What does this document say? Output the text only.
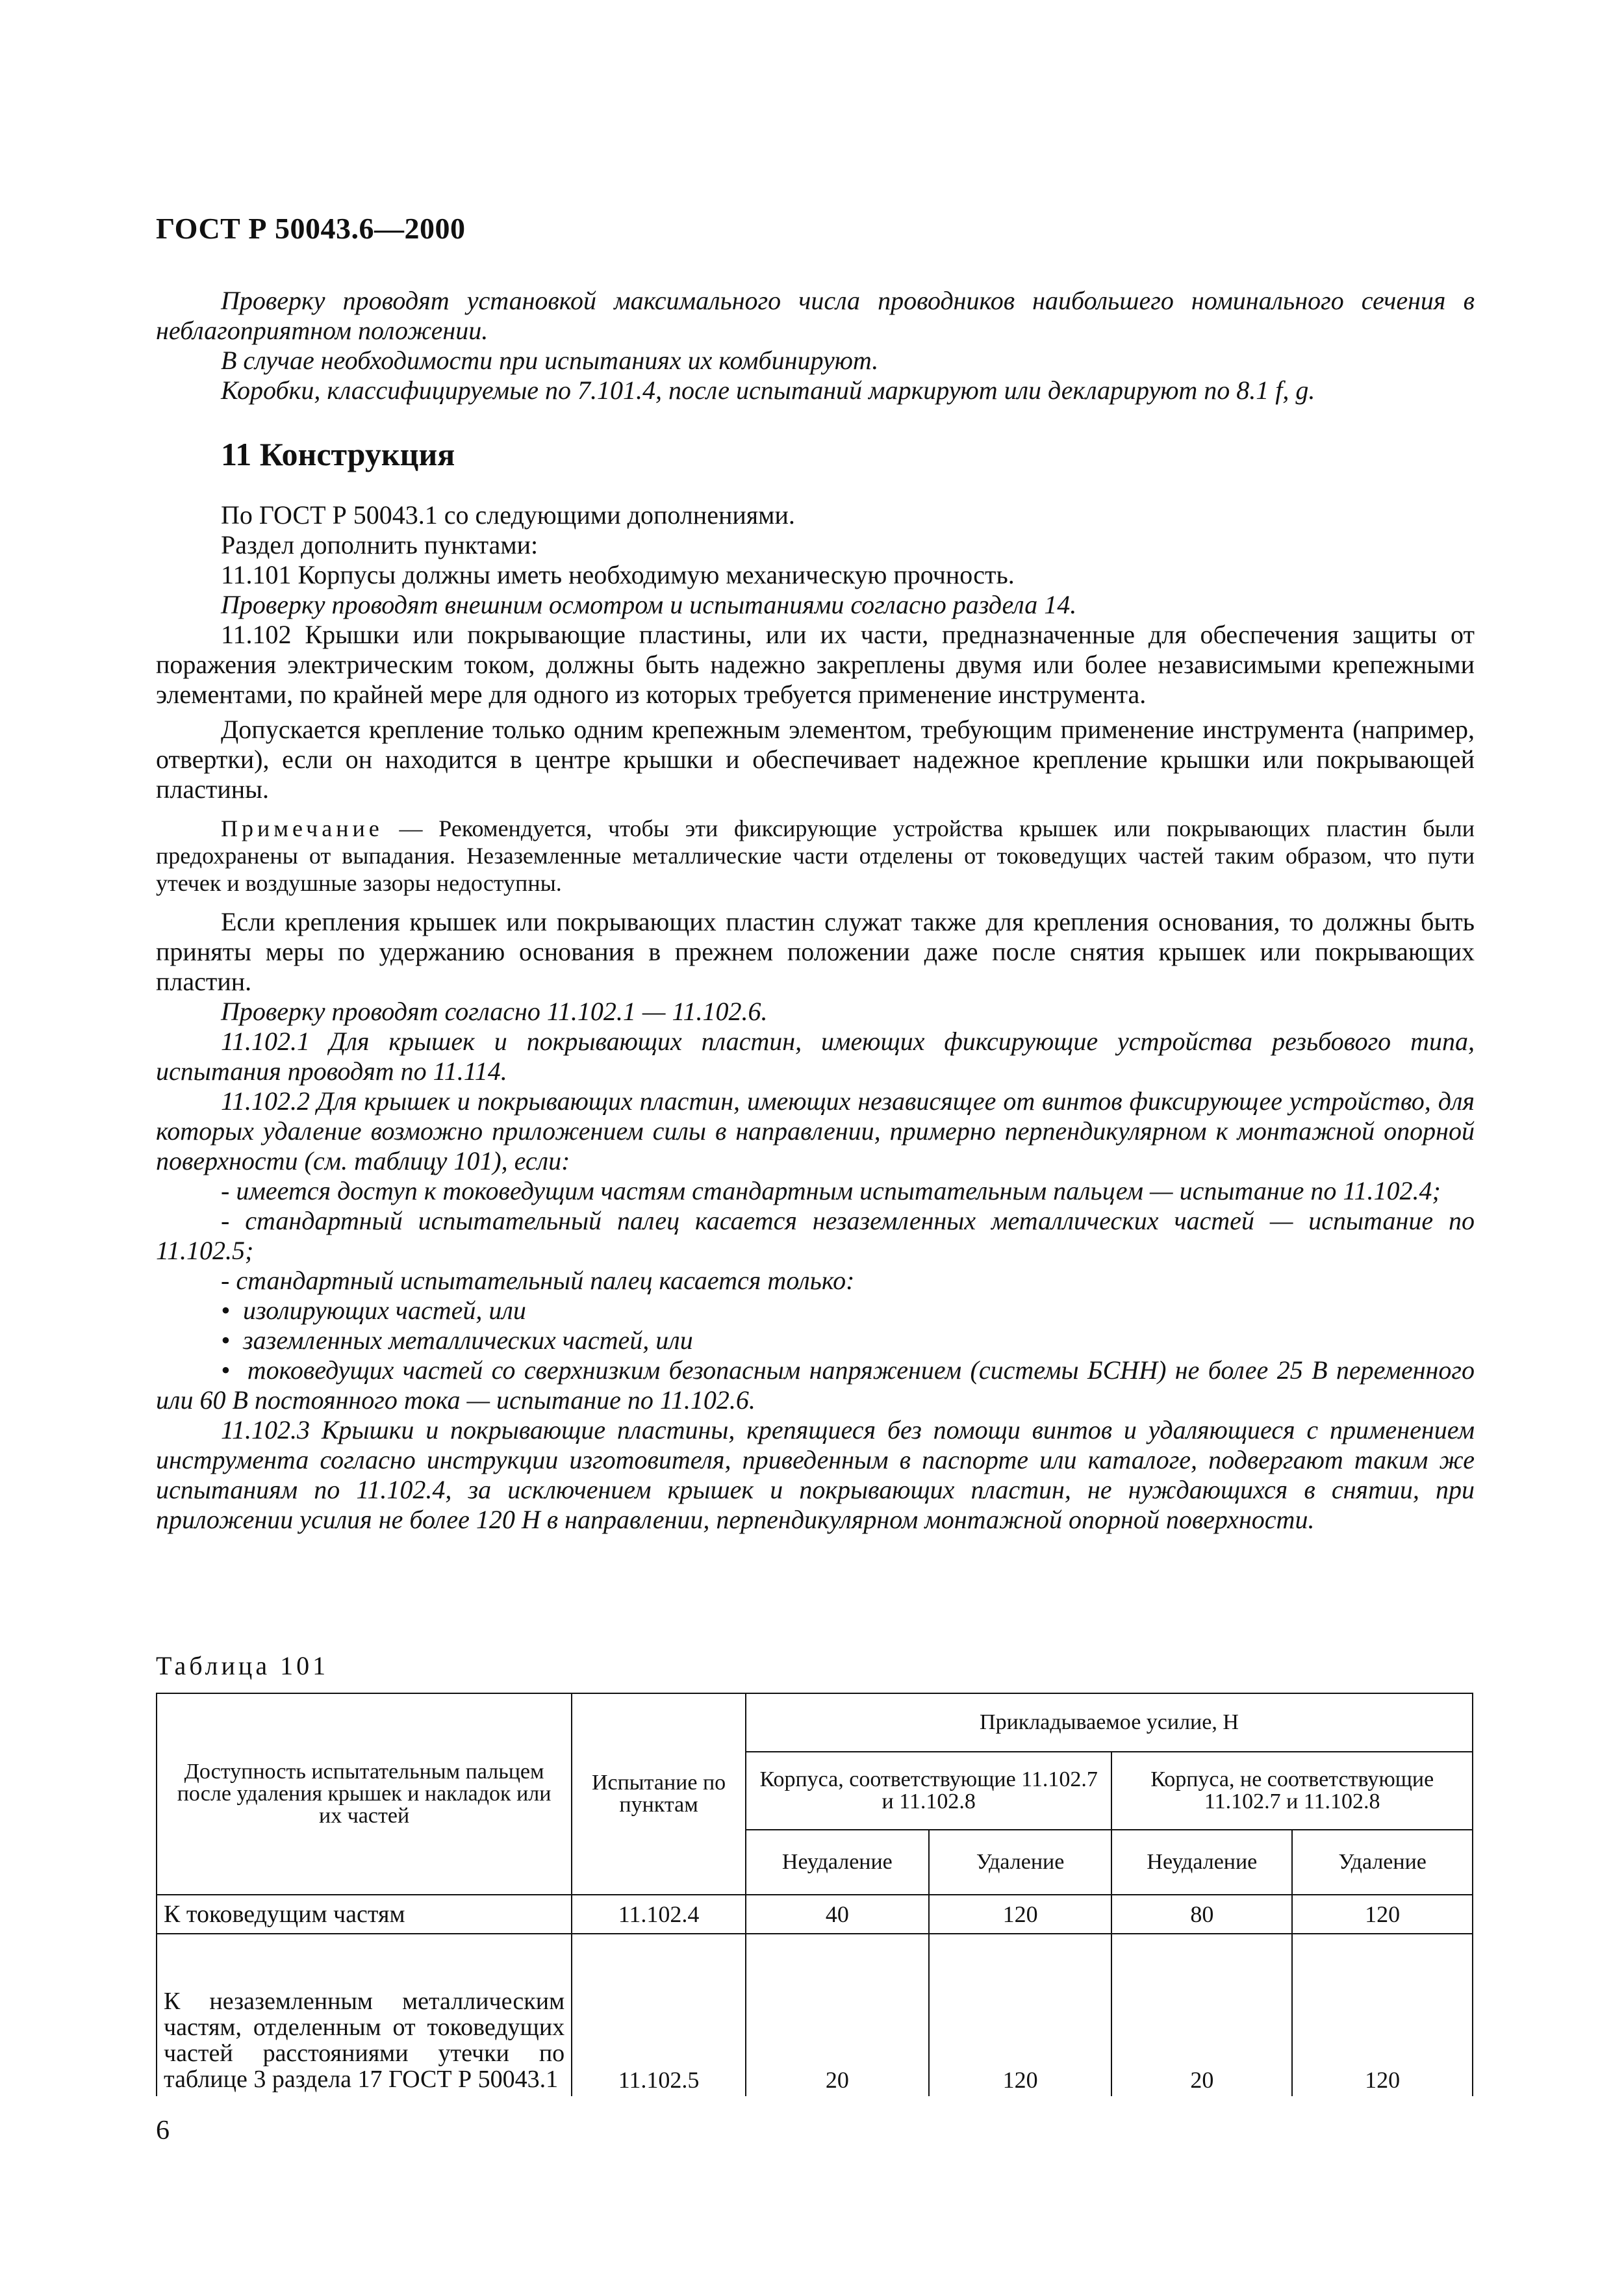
ГОСТ Р 50043.6—2000

Проверку проводят установкой максимального числа проводников наибольшего номинального сечения в неблагоприятном положении.

В случае необходимости при испытаниях их комбинируют.

Коробки, классифицируемые по 7.101.4, после испытаний маркируют или декларируют по 8.1 f, g.

11 Конструкция

По ГОСТ Р 50043.1 со следующими дополнениями.

Раздел дополнить пунктами:

11.101 Корпусы должны иметь необходимую механическую прочность.

Проверку проводят внешним осмотром и испытаниями согласно раздела 14.

11.102 Крышки или покрывающие пластины, или их части, предназначенные для обеспечения защиты от поражения электрическим током, должны быть надежно закреплены двумя или более независимыми крепежными элементами, по крайней мере для одного из которых требуется применение инструмента.

Допускается крепление только одним крепежным элементом, требующим применение инструмента (например, отвертки), если он находится в центре крышки и обеспечивает надежное крепление крышки или покрывающей пластины.

Примечание — Рекомендуется, чтобы эти фиксирующие устройства крышек или покрывающих пластин были предохранены от выпадания. Незаземленные металлические части отделены от токоведущих частей таким образом, что пути утечек и воздушные зазоры недоступны.

Если крепления крышек или покрывающих пластин служат также для крепления основания, то должны быть приняты меры по удержанию основания в прежнем положении даже после снятия крышек или покрывающих пластин.

Проверку проводят согласно 11.102.1 — 11.102.6.

11.102.1 Для крышек и покрывающих пластин, имеющих фиксирующие устройства резьбового типа, испытания проводят по 11.114.

11.102.2 Для крышек и покрывающих пластин, имеющих независящее от винтов фиксирующее устройство, для которых удаление возможно приложением силы в направлении, примерно перпендикулярном к монтажной опорной поверхности (см. таблицу 101), если:

- имеется доступ к токоведущим частям стандартным испытательным пальцем — испытание по 11.102.4;

- стандартный испытательный палец касается незаземленных металлических частей — испытание по 11.102.5;

- стандартный испытательный палец касается только:

•  изолирующих частей, или

•  заземленных металлических частей, или

•  токоведущих частей со сверхнизким безопасным напряжением (системы БСНН) не более 25 В переменного или 60 В постоянного тока — испытание по 11.102.6.

11.102.3 Крышки и покрывающие пластины, крепящиеся без помощи винтов и удаляющиеся с применением инструмента согласно инструкции изготовителя, приведенным в паспорте или каталоге, подвергают таким же испытаниям по 11.102.4, за исключением крышек и покрывающих пластин, не нуждающихся в снятии, при приложении усилия не более 120 Н в направлении, перпендикулярном монтажной опорной поверхности.

Таблица 101
Доступность испытательным пальцем после удаления крышек и накладок или их частей	Испытание по пунктам	Прикладываемое усилие, Н			
		Корпуса, соответствующие 11.102.7 и 11.102.8		Корпуса, не соответствующие 11.102.7 и 11.102.8	
		Неудаление	Удаление	Неудаление	Удаление
К токоведущим частям	11.102.4	40	120	80	120
К незаземленным металлическим частям, отделенным от токоведущих частей расстояниями утечки по таблице 3 раздела 17 ГОСТ Р 50043.1	11.102.5	20	120	20	120
6
